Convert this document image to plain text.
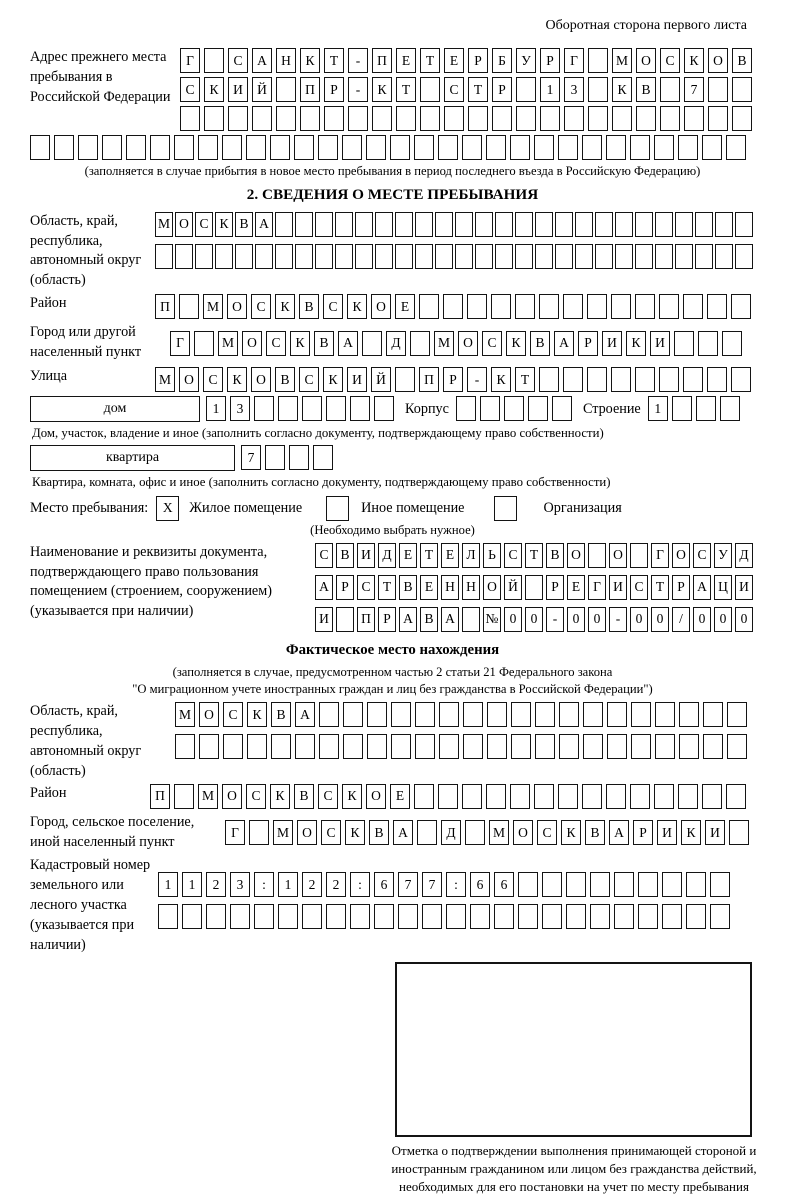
Оборотная сторона первого листа
Адрес прежнего места пребывания в Российской Федерации
Г	С	А	Н	К	Т	-	П	Е	Т	Е	Р	Б	У	Р	Г	М О	С	К	О	В
С	К	И	Й	П	Р	-	К	Т	С	Т	Р	1	3	К	В	7
(заполняется в случае прибытия в новое место пребывания в период последнего въезда в Российскую Федерацию)
2. СВЕДЕНИЯ О МЕСТЕ ПРЕБЫВАНИЯ
Область, край, республика, автономный округ (область)
М О С К В А
Район	П	М О	С	К	В	С	К	О	Е
Город или другой населенный пункт
Г	М О	С	К	В	А	Д	М О	С	К	В	А	Р	И	К	И
Улица	М О	С	К	О	В	С	К	И	Й	П	Р	-	К	Т
дом	1	3	Корпус	Строение	1
Дом, участок, владение и иное (заполнить согласно документу, подтверждающему право собственности)
квартира	7
Квартира, комната, офис и иное (заполнить согласно документу, подтверждающему право собственности)
Место пребывания:	X	Жилое помещение	Иное помещение	Организация
(Необходимо выбрать нужное)
Наименование и реквизиты документа, подтверждающего право пользования помещением (строением, сооружением) (указывается при наличии)
С В И Д Е Т Е Л Ь С Т В О	О	Г О С У Д
А Р С Т В Е Н Н О Й	Р Е Г И С Т Р А Ц И
И	П Р А В А	№ 0	0	-	0	0	-	0	0	/	0	0	0
Фактическое место нахождения
(заполняется в случае, предусмотренном частью 2 статьи 21 Федерального закона
"О миграционном учете иностранных граждан и лиц без гражданства в Российской Федерации")
Область, край, республика, автономный округ (область)
М О	С	К	В	А
Район	П	М О	С	К	В	С	К	О	Е
Город, сельское поселение, иной населенный пункт
Г	М О	С	К	В	А	Д	М О	С	К	В	А	Р	И	К	И
Кадастровый номер земельного или лесного участка (указывается при наличии)
1	1	2	3	:	1	2	2	:	6	7	7	:	6	6
Отметка о подтверждении выполнения принимающей стороной и иностранным гражданином или лицом без гражданства действий, необходимых для его постановки на учет по месту пребывания
